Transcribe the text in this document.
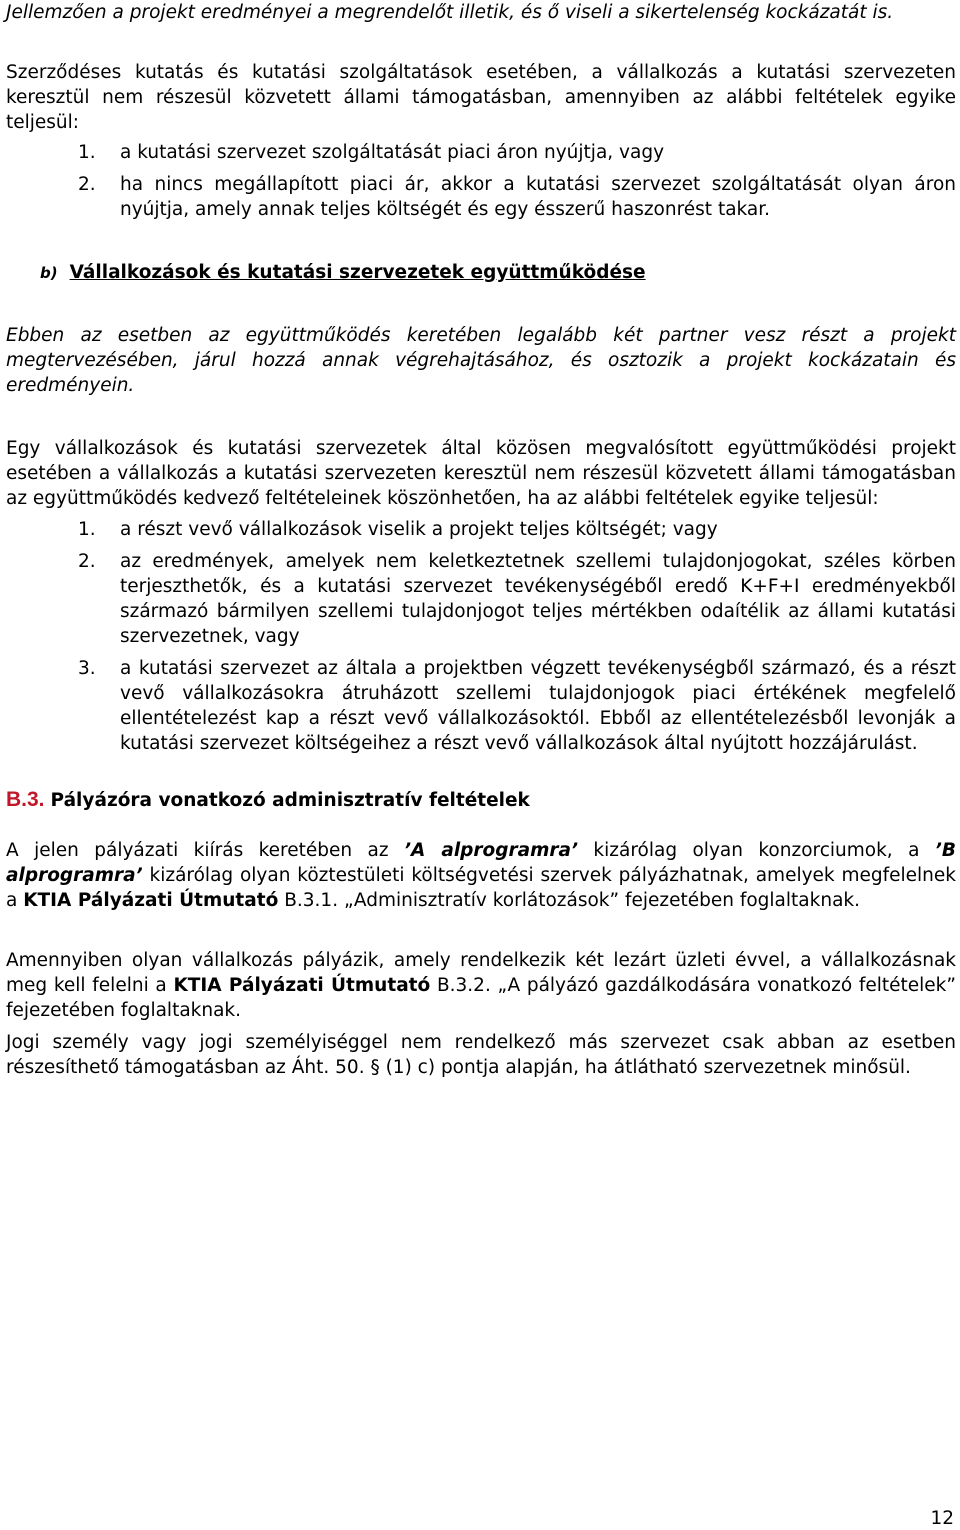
Jellemzően a projekt eredményei a megrendelőt illetik, és ő viseli a sikertelenség kockázatát is.

Szerződéses kutatás és kutatási szolgáltatások esetében, a vállalkozás a kutatási szervezeten keresztül nem részesül közvetett állami támogatásban, amennyiben az alábbi feltételek egyike teljesül:

1. a kutatási szervezet szolgáltatását piaci áron nyújtja, vagy
2. ha nincs megállapított piaci ár, akkor a kutatási szervezet szolgáltatását olyan áron nyújtja, amely annak teljes költségét és egy ésszerű haszonrést takar.
b) Vállalkozások és kutatási szervezetek együttműködése

Ebben az esetben az együttműködés keretében legalább két partner vesz részt a projekt megtervezésében, járul hozzá annak végrehajtásához, és osztozik a projekt kockázatain és eredményein.

Egy vállalkozások és kutatási szervezetek által közösen megvalósított együttműködési projekt esetében a vállalkozás a kutatási szervezeten keresztül nem részesül közvetett állami támogatásban az együttműködés kedvező feltételeinek köszönhetően, ha az alábbi feltételek egyike teljesül:

1. a részt vevő vállalkozások viselik a projekt teljes költségét; vagy
2. az eredmények, amelyek nem keletkeztetnek szellemi tulajdonjogokat, széles körben terjeszthetők, és a kutatási szervezet tevékenységéből eredő K+F+I eredményekből származó bármilyen szellemi tulajdonjogot teljes mértékben odaítélik az állami kutatási szervezetnek, vagy
3. a kutatási szervezet az általa a projektben végzett tevékenységből származó, és a részt vevő vállalkozásokra átruházott szellemi tulajdonjogok piaci értékének megfelelő ellentételezést kap a részt vevő vállalkozásoktól. Ebből az ellentételezésből levonják a kutatási szervezet költségeihez a részt vevő vállalkozások által nyújtott hozzájárulást.
B.3. Pályázóra vonatkozó adminisztratív feltételek

A jelen pályázati kiírás keretében az ’A alprogramra’ kizárólag olyan konzorciumok, a ’B alprogramra’ kizárólag olyan köztestületi költségvetési szervek pályázhatnak, amelyek megfelelnek a KTIA Pályázati Útmutató B.3.1. „Adminisztratív korlátozások” fejezetében foglaltaknak.

Amennyiben olyan vállalkozás pályázik, amely rendelkezik két lezárt üzleti évvel, a vállalkozásnak meg kell felelni a KTIA Pályázati Útmutató B.3.2. „A pályázó gazdálkodására vonatkozó feltételek” fejezetében foglaltaknak.

Jogi személy vagy jogi személyiséggel nem rendelkező más szervezet csak abban az esetben részesíthető támogatásban az Áht. 50. § (1) c) pontja alapján, ha átlátható szervezetnek minősül.

12
